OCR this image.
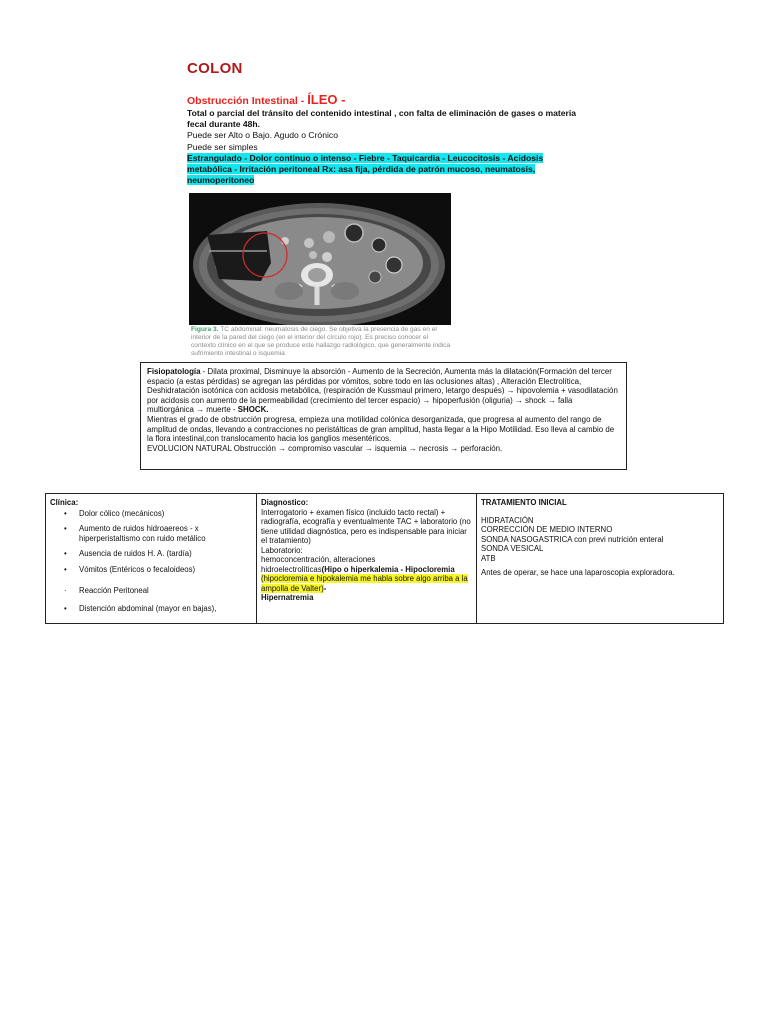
COLON
Obstrucción Intestinal - ÍLEO -
Total o parcial del tránsito del contenido intestinal , con falta de eliminación de gases o materia fecal durante 48h.
Puede ser Alto o Bajo. Agudo o Crónico
Puede ser simples
Estrangulado - Dolor continuo o intenso - Fiebre - Taquicardia - Leucocitosis - Acidosis metabólica - Irritación peritoneal Rx: asa fija, pérdida de patrón mucoso, neumatosis, neumoperitoneo
Figura 3. TC abdominal: neumatosis de ciego. Se objetiva la presencia de gas en el interior de la pared del ciego (en el interior del círculo rojo). Es preciso conocer el contexto clínico en el que se produce este hallazgo radiológico, que generalmente indica sufrimiento intestinal o isquemia
Fisiopatología - Dilata proximal, Disminuye la absorción - Aumento de la Secreción, Aumenta más la dilatación(Formación del tercer espacio (a estas pérdidas) se agregan las pérdidas por vómitos, sobre todo en las oclusiones altas) , Alteración Electrolítica, Deshidratación isotónica con acidosis metabólica, (respiración de Kussmaul primero, letargo después) → hipovolemia + vasodilatación por acidosis con aumento de la permeabilidad (crecimiento del tercer espacio) → hipoperfusión (oliguria) → shock → falla multiorgánica → muerte - SHOCK.
Mientras el grado de obstrucción progresa, empieza una motilidad colónica desorganizada, que progresa al aumento del rango de amplitud de ondas, llevando a contracciones no peristálticas de gran amplitud, hasta llegar a la Hipo Motilidad. Eso lleva al cambio de la flora intestinal,con translocamento hacia los ganglios mesentéricos.
EVOLUCION NATURAL Obstrucción → compromiso vascular → isquemia → necrosis → perforación.
Clínica:
• Dolor cólico (mecánicos)
• Aumento de ruidos hidroaereos - x hiperperistaltismo con ruido metálico
• Ausencia de ruidos H. A. (tardía)
• Vómitos (Entéricos o fecaloideos)
· Reacción Peritoneal
• Distención abdominal (mayor en bajas),

Diagnostico:
Interrogatorio + examen físico (incluido tacto rectal) + radiografía, ecografía y eventualmente TAC + laboratorio (no tiene utilidad diagnóstica, pero es indispensable para iniciar el tratamiento)
Laboratorio:
hemoconcentración, alteraciones
hidroelectrolíticas(Hipo o hiperkalemia - Hipocloremia
(hipocloremia e hipokalemia me habla sobre algo arriba a la ampolla de Valter)-
Hipernatremia

TRATAMIENTO INICIAL
HIDRATACIÓN
CORRECCIÓN DE MEDIO INTERNO
SONDA NASOGASTRICA con previ nutrición enteral
SONDA VESICAL
ATB
Antes de operar, se hace una laparoscopia exploradora.
